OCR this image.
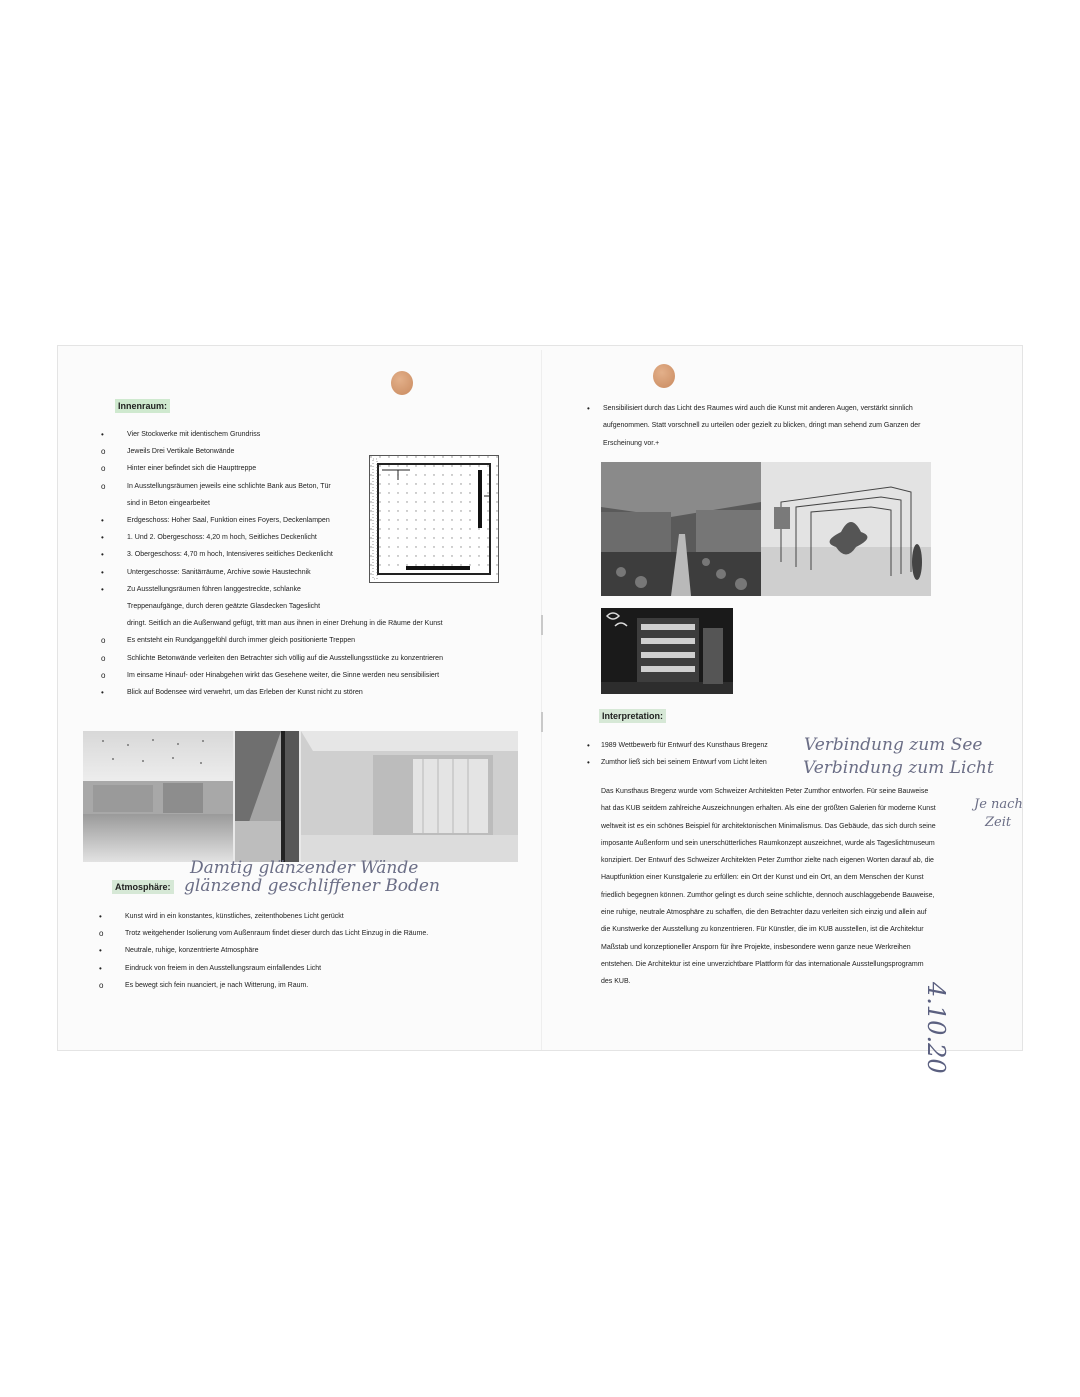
Innenraum:
•	Vier Stockwerke mit identischem Grundriss
o	Jeweils Drei Vertikale Betonwände
o	Hinter einer befindet sich die Haupttreppe
o	In Ausstellungsräumen jeweils eine schlichte Bank aus Beton, Tür
sind in Beton eingearbeitet
•	Erdgeschoss: Hoher Saal, Funktion eines Foyers, Deckenlampen
•	1. Und 2. Obergeschoss: 4,20 m hoch, Seitliches Deckenlicht
•	3. Obergeschoss: 4,70 m hoch, Intensiveres seitliches Deckenlicht
•	Untergeschosse: Sanitärräume, Archive sowie Haustechnik
•	Zu Ausstellungsräumen führen langgestreckte, schlanke
Treppenaufgänge, durch deren geätzte Glasdecken Tageslicht
dringt. Seitlich an die Außenwand gefügt, tritt man aus ihnen in einer Drehung in die Räume der Kunst
o	Es entsteht ein Rundganggefühl durch immer gleich positionierte Treppen
o	Schlichte Betonwände verleiten den Betrachter sich völlig auf die Ausstellungsstücke zu konzentrieren
o	Im einsame Hinauf- oder Hinabgehen wirkt das Gesehene weiter, die Sinne werden neu sensibilisiert
•	Blick auf Bodensee wird verwehrt, um das Erleben der Kunst nicht zu stören
Atmosphäre:
Damtig glänzender Wände
glänzend geschliffener Boden
•	Kunst wird in ein konstantes, künstliches, zeitenthobenes Licht gerückt
o	Trotz weitgehender Isolierung vom Außenraum findet dieser durch das Licht Einzug in die Räume.
•	Neutrale, ruhige, konzentrierte Atmosphäre
•	Eindruck von freiem in den Ausstellungsraum einfallendes Licht
o	Es bewegt sich fein nuanciert, je nach Witterung, im Raum.
•	Sensibilisiert durch das Licht des Raumes wird auch die Kunst mit anderen Augen, verstärkt sinnlich
aufgenommen. Statt vorschnell zu urteilen oder gezielt zu blicken, dringt man sehend zum Ganzen der
Erscheinung vor.+
Interpretation:
• 1989 Wettbewerb für Entwurf des Kunsthaus Bregenz
• Zumthor ließ sich bei seinem Entwurf vom Licht leiten
Verbindung zum See
Verbindung zum Licht
Das Kunsthaus Bregenz wurde vom Schweizer Architekten Peter Zumthor entworfen. Für seine Bauweise
hat das KUB seitdem zahlreiche Auszeichnungen erhalten. Als eine der größten Galerien für moderne Kunst
weltweit ist es ein schönes Beispiel für architektonischen Minimalismus. Das Gebäude, das sich durch seine
imposante Außenform und sein unerschütterliches Raumkonzept auszeichnet, wurde als Tageslichtmuseum
konzipiert. Der Entwurf des Schweizer Architekten Peter Zumthor zielte nach eigenen Worten darauf ab, die
Hauptfunktion einer Kunstgalerie zu erfüllen: ein Ort der Kunst und ein Ort, an dem Menschen der Kunst
friedlich begegnen können. Zumthor gelingt es durch seine schlichte, dennoch auschlaggebende Bauweise,
eine ruhige, neutrale Atmosphäre zu schaffen, die den Betrachter dazu verleiten sich einzig und allein auf
die Kunstwerke der Ausstellung zu konzentrieren. Für Künstler, die im KUB ausstellen, ist die Architektur
Maßstab und konzeptioneller Ansporn für ihre Projekte, insbesondere wenn ganze neue Werkreihen
entstehen. Die Architektur ist eine unverzichtbare Plattform für das internationale Ausstellungsprogramm
des KUB.
Je nach
Zeit
4.10.20
